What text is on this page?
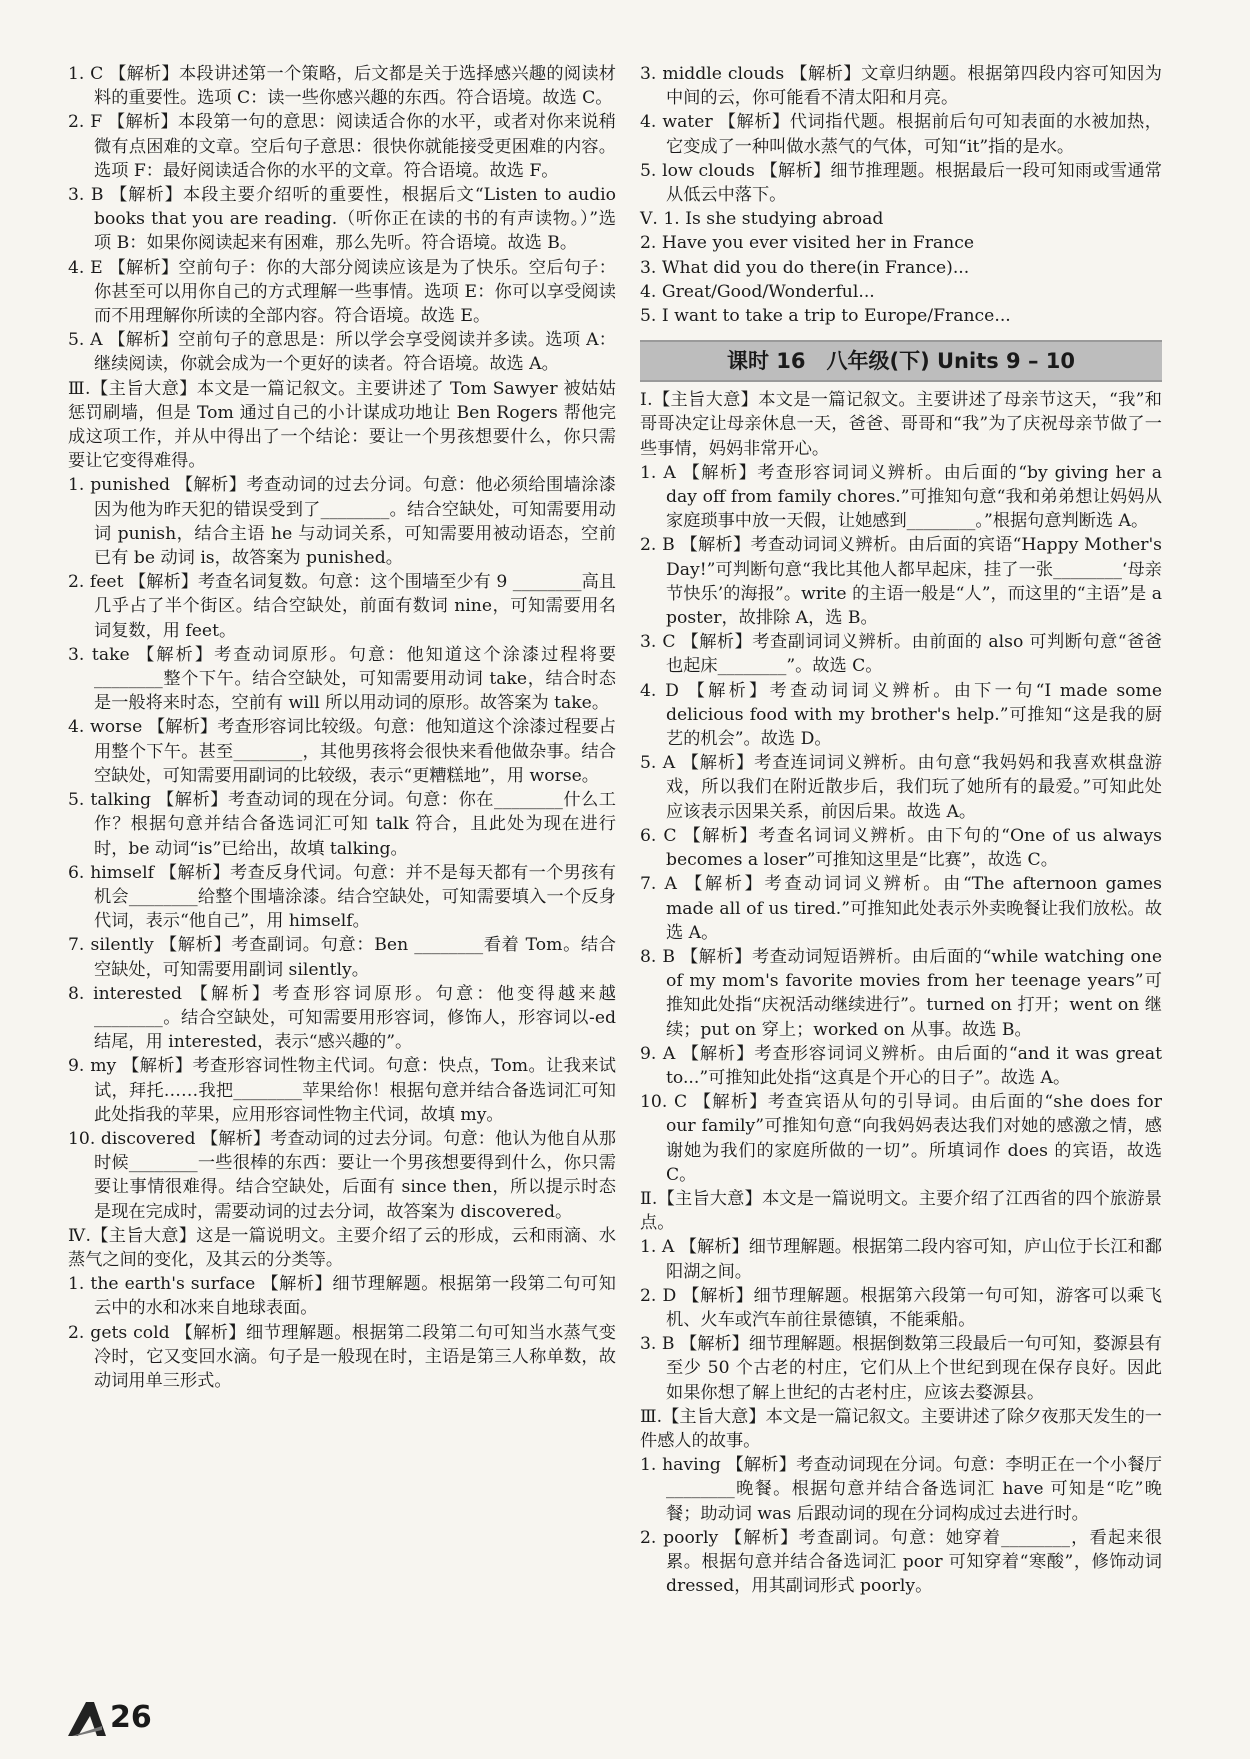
1. C 【解析】本段讲述第一个策略，后文都是关于选择感兴趣的阅读材料的重要性。选项 C：读一些你感兴趣的东西。符合语境。故选 C。

2. F 【解析】本段第一句的意思：阅读适合你的水平，或者对你来说稍微有点困难的文章。空后句子意思：很快你就能接受更困难的内容。选项 F：最好阅读适合你的水平的文章。符合语境。故选 F。

3. B 【解析】本段主要介绍听的重要性，根据后文“Listen to audio books that you are reading.（听你正在读的书的有声读物。）”选项 B：如果你阅读起来有困难，那么先听。符合语境。故选 B。

4. E 【解析】空前句子：你的大部分阅读应该是为了快乐。空后句子：你甚至可以用你自己的方式理解一些事情。选项 E：你可以享受阅读而不用理解你所读的全部内容。符合语境。故选 E。

5. A 【解析】空前句子的意思是：所以学会享受阅读并多读。选项 A：继续阅读，你就会成为一个更好的读者。符合语境。故选 A。

Ⅲ.【主旨大意】本文是一篇记叙文。主要讲述了 Tom Sawyer 被姑姑惩罚刷墙，但是 Tom 通过自己的小计谋成功地让 Ben Rogers 帮他完成这项工作，并从中得出了一个结论：要让一个男孩想要什么，你只需要让它变得难得。

1. punished 【解析】考查动词的过去分词。句意：他必须给围墙涂漆因为他为昨天犯的错误受到了________。结合空缺处，可知需要用动词 punish，结合主语 he 与动词关系，可知需要用被动语态，空前已有 be 动词 is，故答案为 punished。

2. feet 【解析】考查名词复数。句意：这个围墙至少有 9 ________高且几乎占了半个街区。结合空缺处，前面有数词 nine，可知需要用名词复数，用 feet。

3. take 【解析】考查动词原形。句意：他知道这个涂漆过程将要________整个下午。结合空缺处，可知需要用动词 take，结合时态是一般将来时态，空前有 will 所以用动词的原形。故答案为 take。

4. worse 【解析】考查形容词比较级。句意：他知道这个涂漆过程要占用整个下午。甚至________，其他男孩将会很快来看他做杂事。结合空缺处，可知需要用副词的比较级，表示“更糟糕地”，用 worse。

5. talking 【解析】考查动词的现在分词。句意：你在________什么工作？根据句意并结合备选词汇可知 talk 符合，且此处为现在进行时，be 动词“is”已给出，故填 talking。

6. himself 【解析】考查反身代词。句意：并不是每天都有一个男孩有机会________给整个围墙涂漆。结合空缺处，可知需要填入一个反身代词，表示“他自己”，用 himself。

7. silently 【解析】考查副词。句意：Ben ________看着 Tom。结合空缺处，可知需要用副词 silently。

8. interested 【解析】考查形容词原形。句意：他变得越来越________。结合空缺处，可知需要用形容词，修饰人，形容词以-ed 结尾，用 interested，表示“感兴趣的”。

9. my 【解析】考查形容词性物主代词。句意：快点，Tom。让我来试试，拜托……我把________苹果给你！根据句意并结合备选词汇可知此处指我的苹果，应用形容词性物主代词，故填 my。

10. discovered 【解析】考查动词的过去分词。句意：他认为他自从那时候________一些很棒的东西：要让一个男孩想要得到什么，你只需要让事情很难得。结合空缺处，后面有 since then，所以提示时态是现在完成时，需要动词的过去分词，故答案为 discovered。

Ⅳ.【主旨大意】这是一篇说明文。主要介绍了云的形成，云和雨滴、水蒸气之间的变化，及其云的分类等。

1. the earth's surface 【解析】细节理解题。根据第一段第二句可知云中的水和冰来自地球表面。

2. gets cold 【解析】细节理解题。根据第二段第二句可知当水蒸气变冷时，它又变回水滴。句子是一般现在时，主语是第三人称单数，故动词用单三形式。

3. middle clouds 【解析】文章归纳题。根据第四段内容可知因为中间的云，你可能看不清太阳和月亮。

4. water 【解析】代词指代题。根据前后句可知表面的水被加热，它变成了一种叫做水蒸气的气体，可知“it”指的是水。

5. low clouds 【解析】细节推理题。根据最后一段可知雨或雪通常从低云中落下。

Ⅴ. 1. Is she studying abroad

2. Have you ever visited her in France

3. What did you do there(in France)...

4. Great/Good/Wonderful...

5. I want to take a trip to Europe/France...

课时 16　八年级(下) Units 9 – 10

Ⅰ.【主旨大意】本文是一篇记叙文。主要讲述了母亲节这天，“我”和哥哥决定让母亲休息一天，爸爸、哥哥和“我”为了庆祝母亲节做了一些事情，妈妈非常开心。

1. A 【解析】考查形容词词义辨析。由后面的“by giving her a day off from family chores.”可推知句意“我和弟弟想让妈妈从家庭琐事中放一天假，让她感到________。”根据句意判断选 A。

2. B 【解析】考查动词词义辨析。由后面的宾语“Happy Mother's Day!”可判断句意“我比其他人都早起床，挂了一张________‘母亲节快乐’的海报”。write 的主语一般是“人”，而这里的“主语”是 a poster，故排除 A，选 B。

3. C 【解析】考查副词词义辨析。由前面的 also 可判断句意“爸爸也起床________”。故选 C。

4. D 【解析】考查动词词义辨析。由下一句“I made some delicious food with my brother's help.”可推知“这是我的厨艺的机会”。故选 D。

5. A 【解析】考查连词词义辨析。由句意“我妈妈和我喜欢棋盘游戏，所以我们在附近散步后，我们玩了她所有的最爱。”可知此处应该表示因果关系，前因后果。故选 A。

6. C 【解析】考查名词词义辨析。由下句的“One of us always becomes a loser”可推知这里是“比赛”，故选 C。

7. A 【解析】考查动词词义辨析。由“The afternoon games made all of us tired.”可推知此处表示外卖晚餐让我们放松。故选 A。

8. B 【解析】考查动词短语辨析。由后面的“while watching one of my mom's favorite movies from her teenage years”可推知此处指“庆祝活动继续进行”。turned on 打开；went on 继续；put on 穿上；worked on 从事。故选 B。

9. A 【解析】考查形容词词义辨析。由后面的“and it was great to...”可推知此处指“这真是个开心的日子”。故选 A。

10. C 【解析】考查宾语从句的引导词。由后面的“she does for our family”可推知句意“向我妈妈表达我们对她的感激之情，感谢她为我们的家庭所做的一切”。所填词作 does 的宾语，故选 C。

Ⅱ.【主旨大意】本文是一篇说明文。主要介绍了江西省的四个旅游景点。

1. A 【解析】细节理解题。根据第二段内容可知，庐山位于长江和鄱阳湖之间。

2. D 【解析】细节理解题。根据第六段第一句可知，游客可以乘飞机、火车或汽车前往景德镇，不能乘船。

3. B 【解析】细节理解题。根据倒数第三段最后一句可知，婺源县有至少 50 个古老的村庄，它们从上个世纪到现在保存良好。因此如果你想了解上世纪的古老村庄，应该去婺源县。

Ⅲ.【主旨大意】本文是一篇记叙文。主要讲述了除夕夜那天发生的一件感人的故事。

1. having 【解析】考查动词现在分词。句意：李明正在一个小餐厅________晚餐。根据句意并结合备选词汇 have 可知是“吃”晚餐；助动词 was 后跟动词的现在分词构成过去进行时。

2. poorly 【解析】考查副词。句意：她穿着________，看起来很累。根据句意并结合备选词汇 poor 可知穿着“寒酸”，修饰动词 dressed，用其副词形式 poorly。

26
